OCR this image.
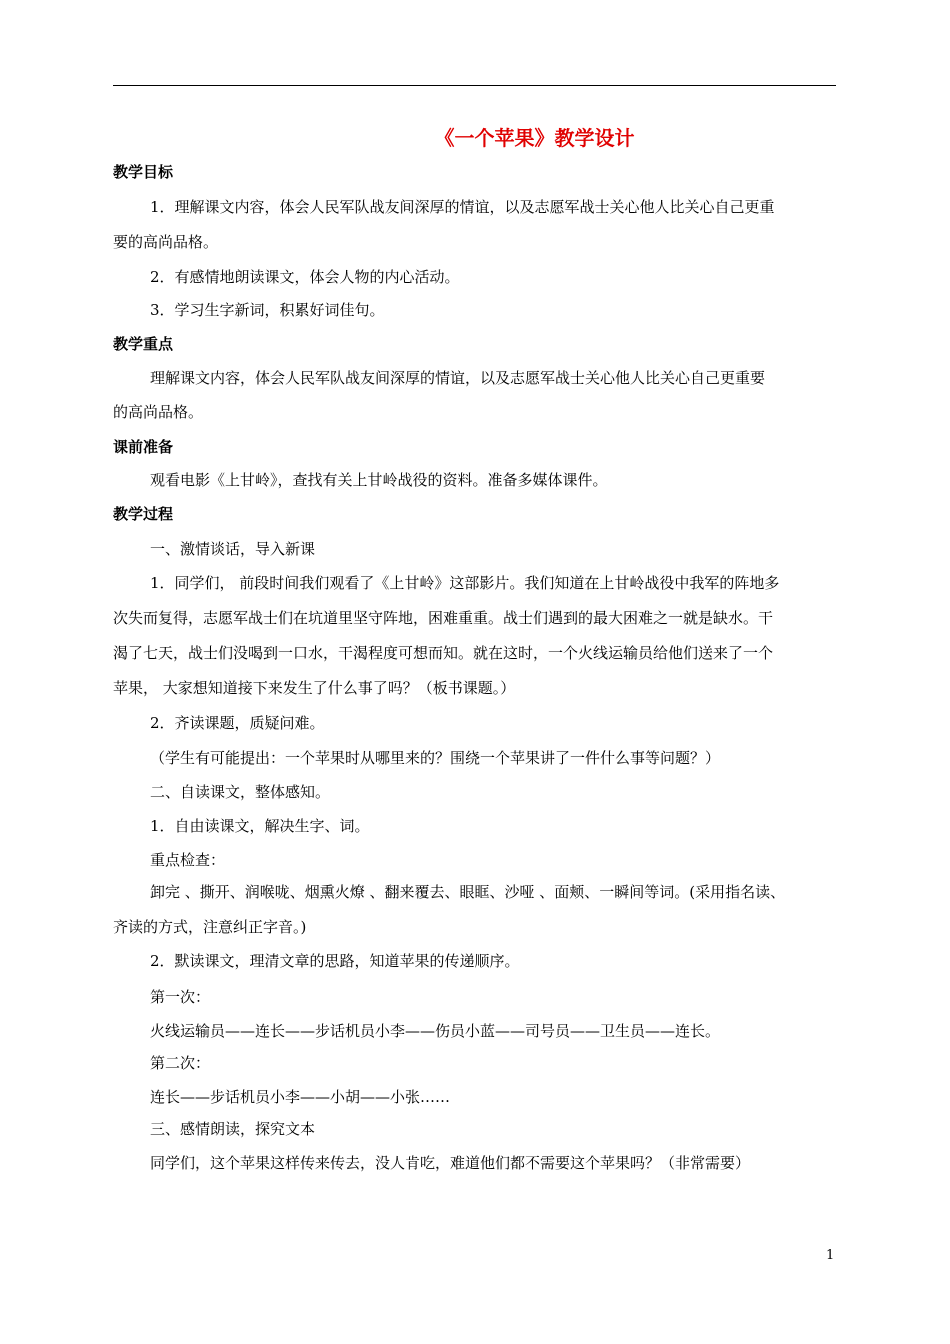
《一个苹果》教学设计
教学目标
1．理解课文内容，体会人民军队战友间深厚的情谊，以及志愿军战士关心他人比关心自己更重
要的高尚品格。
2．有感情地朗读课文，体会人物的内心活动。
3．学习生字新词，积累好词佳句。
教学重点
理解课文内容，体会人民军队战友间深厚的情谊，以及志愿军战士关心他人比关心自己更重要
的高尚品格。
课前准备
观看电影《上甘岭》，查找有关上甘岭战役的资料。准备多媒体课件。
教学过程
一、激情谈话，导入新课
1．同学们， 前段时间我们观看了《上甘岭》这部影片。我们知道在上甘岭战役中我军的阵地多
次失而复得，志愿军战士们在坑道里坚守阵地，困难重重。战士们遇到的最大困难之一就是缺水。干
渴了七天，战士们没喝到一口水，干渴程度可想而知。就在这时，一个火线运输员给他们送来了一个
苹果， 大家想知道接下来发生了什么事了吗？（板书课题。）
2．齐读课题，质疑问难。
（学生有可能提出：一个苹果时从哪里来的？围绕一个苹果讲了一件什么事等问题？）
二、自读课文，整体感知。
1．自由读课文，解决生字、词。
重点检查：
卸完 、撕开、润喉咙、烟熏火燎 、翻来覆去、眼眶、沙哑 、面颊、一瞬间等词。(采用指名读、
齐读的方式，注意纠正字音。)
2．默读课文，理清文章的思路，知道苹果的传递顺序。
第一次：
火线运输员——连长——步话机员小李——伤员小蓝——司号员——卫生员——连长。
第二次：
连长——步话机员小李——小胡——小张……
三、感情朗读，探究文本
同学们，这个苹果这样传来传去，没人肯吃，难道他们都不需要这个苹果吗？（非常需要）
1
